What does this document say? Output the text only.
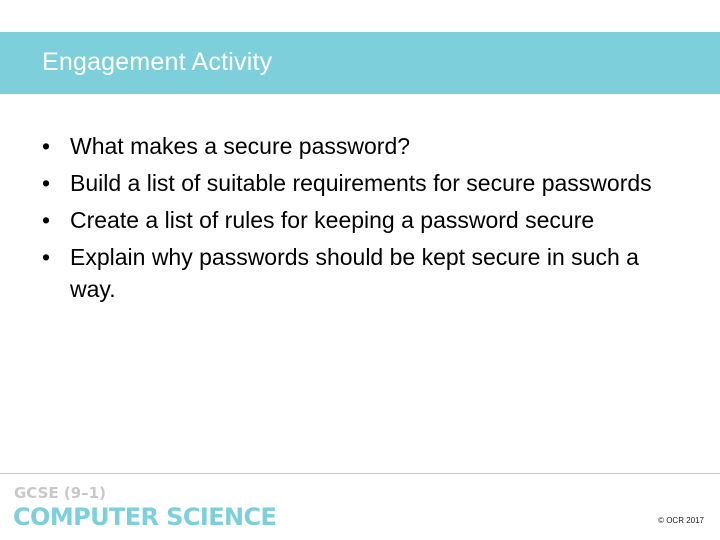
Engagement Activity
• What makes a secure password?
• Build a list of suitable requirements for secure passwords
• Create a list of rules for keeping a password secure
• Explain why passwords should be kept secure in such a way.
GCSE (9–1)
COMPUTER SCIENCE	© OCR 2017
